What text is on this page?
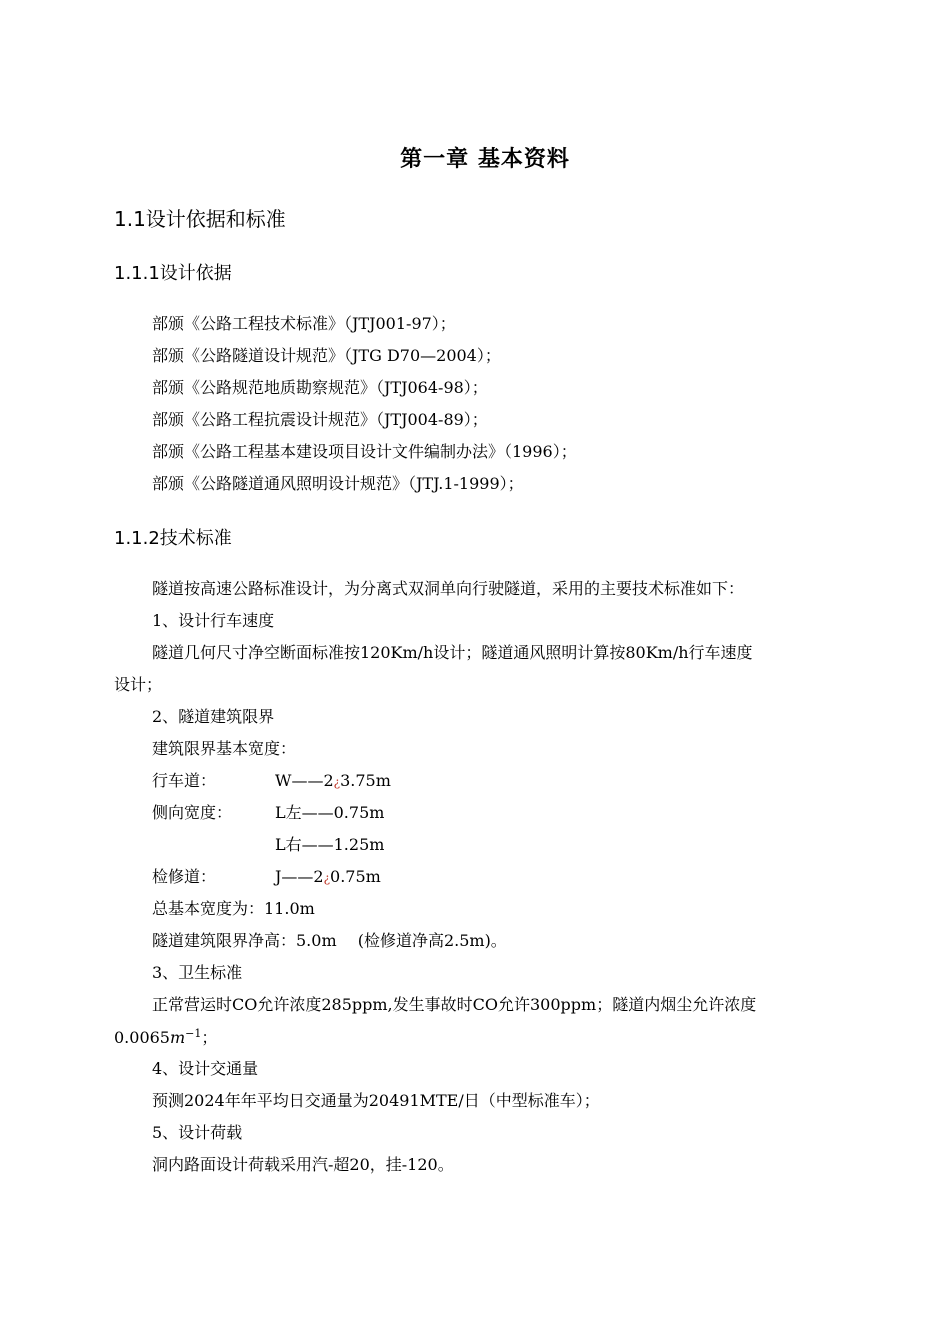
第一章 基本资料
1.1设计依据和标准
1.1.1设计依据
部颁《公路工程技术标准》（JTJ001-97）；
部颁《公路隧道设计规范》（JTG D70—2004）；
部颁《公路规范地质勘察规范》（JTJ064-98）；
部颁《公路工程抗震设计规范》（JTJ004-89）；
部颁《公路工程基本建设项目设计文件编制办法》（1996）；
部颁《公路隧道通风照明设计规范》（JTJ.1-1999）；
1.1.2技术标准
隧道按高速公路标准设计，为分离式双洞单向行驶隧道，采用的主要技术标准如下：
1、设计行车速度
隧道几何尺寸净空断面标准按120Km/h设计；隧道通风照明计算按80Km/h行车速度
设计；
2、隧道建筑限界
建筑限界基本宽度：
行车道：	W——2¿3.75m
侧向宽度：	L左——0.75m
L右——1.25m
检修道：	J——2¿0.75m
总基本宽度为：11.0m
隧道建筑限界净高：5.0m　 (检修道净高2.5m)。
3、卫生标准
正常营运时CO允许浓度285ppm,发生事故时CO允许300ppm；隧道内烟尘允许浓度
$0.0065m^{-1}$；
4、设计交通量
预测2024年年平均日交通量为20491MTE/日（中型标准车）；
5、设计荷载
洞内路面设计荷载采用汽-超20，挂-120。
